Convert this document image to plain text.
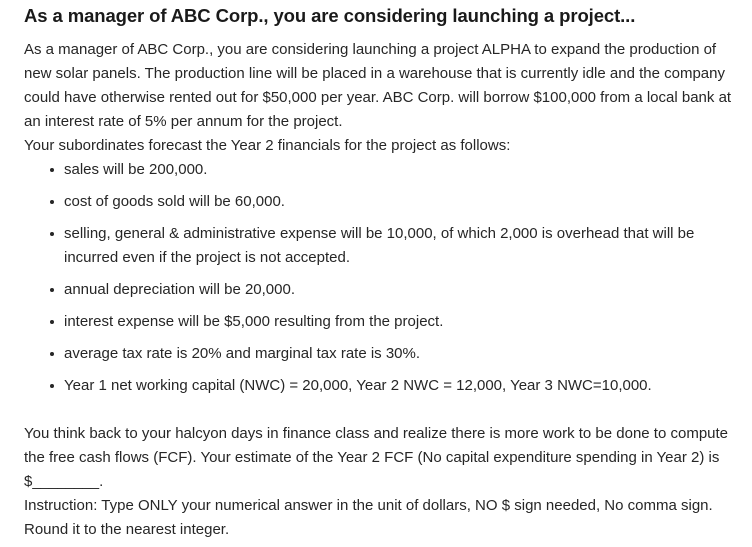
As a manager of ABC Corp., you are considering launching a project...

As a manager of ABC Corp., you are considering launching a project ALPHA to expand the production of new solar panels. The production line will be placed in a warehouse that is currently idle and the company could have otherwise rented out for $50,000 per year. ABC Corp. will borrow $100,000 from a local bank at an interest rate of 5% per annum for the project.

Your subordinates forecast the Year 2 financials for the project as follows:

sales will be 200,000.
cost of goods sold will be 60,000.
selling, general & administrative expense will be 10,000, of which 2,000 is overhead that will be incurred even if the project is not accepted.
annual depreciation will be 20,000.
interest expense will be $5,000 resulting from the project.
average tax rate is 20% and marginal tax rate is 30%.
Year 1 net working capital (NWC) = 20,000, Year 2 NWC = 12,000, Year 3 NWC=10,000.

You think back to your halcyon days in finance class and realize there is more work to be done to compute the free cash flows (FCF). Your estimate of the Year 2 FCF (No capital expenditure spending in Year 2) is $________.

Instruction: Type ONLY your numerical answer in the unit of dollars, NO $ sign needed, No comma sign. Round it to the nearest integer.
